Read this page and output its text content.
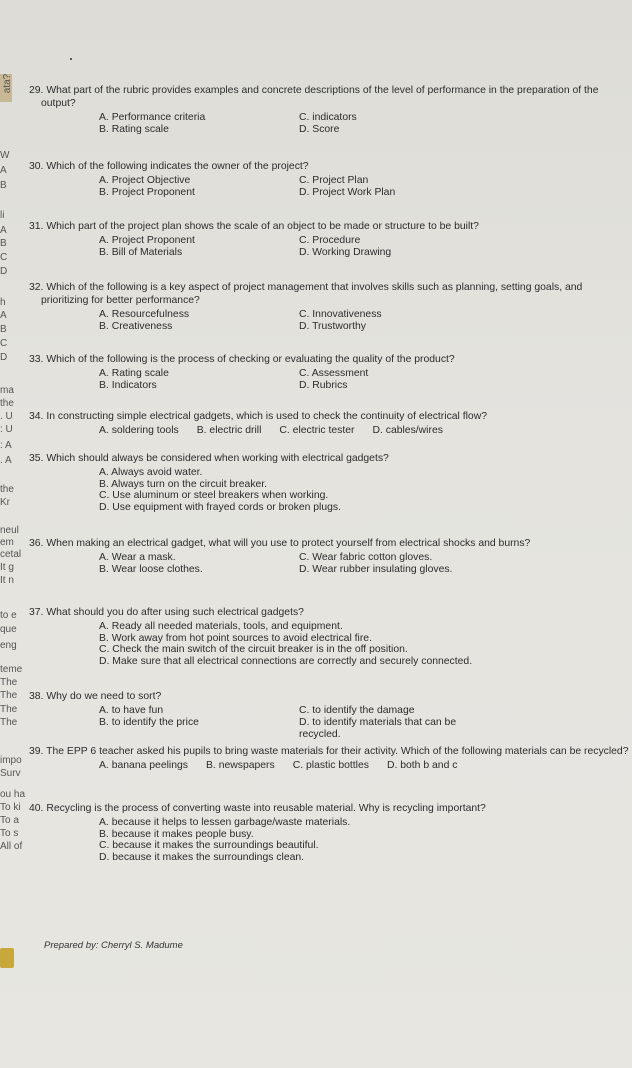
ata?
W
A
B
li
A
B
C
D
h
A
B
C
D
ma
the
. U
: U
: A
. A
the
Kr
neul
em
cetal
It g
It n
to e
que
eng
teme
The
The
The
The
impo
Surv
ou ha
To ki
To a
To s
All of

29. What part of the rubric provides examples and concrete descriptions of the level of performance in the preparation of the output?

A. Performance criteria	C. indicators
B. Rating scale	D. Score

30. Which of the following indicates the owner of the project?

A. Project Objective	C. Project Plan
B. Project Proponent	D. Project Work Plan

31. Which part of the project plan shows the scale of an object to be made or structure to be built?

A. Project Proponent	C. Procedure
B. Bill of Materials	D. Working Drawing

32. Which of the following is a key aspect of project management that involves skills such as planning, setting goals, and prioritizing for better performance?

A. Resourcefulness	C. Innovativeness
B. Creativeness	D. Trustworthy

33. Which of the following is the process of checking or evaluating the quality of the product?

A. Rating scale	C. Assessment
B. Indicators	D. Rubrics

34. In constructing simple electrical gadgets, which is used to check the continuity of electrical flow?

A. soldering tools B. electric drill C. electric tester D. cables/wires

35. Which should always be considered when working with electrical gadgets?

A. Always avoid water.
B. Always turn on the circuit breaker.
C. Use aluminum or steel breakers when working.
D. Use equipment with frayed cords or broken plugs.

36. When making an electrical gadget, what will you use to protect yourself from electrical shocks and burns?

A. Wear a mask.	C. Wear fabric cotton gloves.
B. Wear loose clothes.	D. Wear rubber insulating gloves.

37. What should you do after using such electrical gadgets?

A. Ready all needed materials, tools, and equipment.
B. Work away from hot point sources to avoid electrical fire.
C. Check the main switch of the circuit breaker is in the off position.
D. Make sure that all electrical connections are correctly and securely connected.

38. Why do we need to sort?

A. to have fun	C. to identify the damage
B. to identify the price	D. to identify materials that can be recycled.

39. The EPP 6 teacher asked his pupils to bring waste materials for their activity. Which of the following materials can be recycled?

A. banana peelings B. newspapers C. plastic bottles D. both b and c

40. Recycling is the process of converting waste into reusable material. Why is recycling important?

A. because it helps to lessen garbage/waste materials.
B. because it makes people busy.
C. because it makes the surroundings beautiful.
D. because it makes the surroundings clean.
Prepared by: Cherryl S. Madume
